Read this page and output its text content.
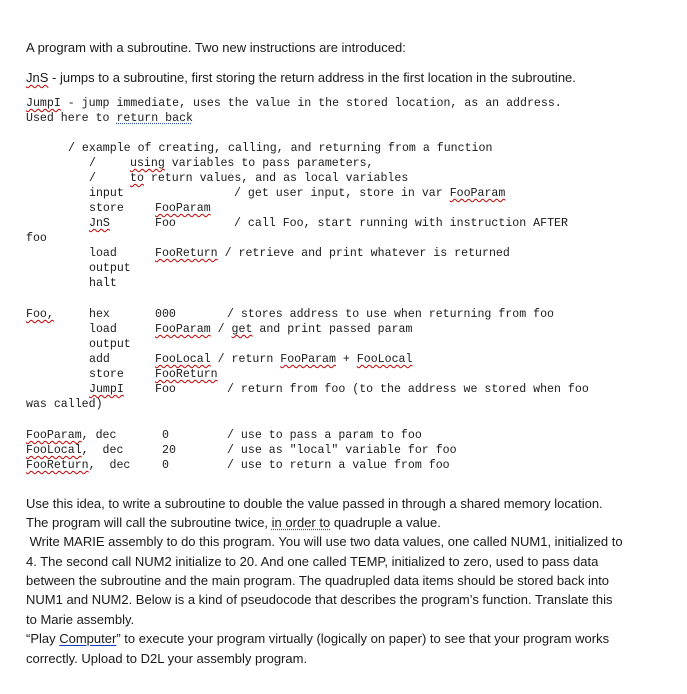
A program with a subroutine. Two new instructions are introduced:
JnS - jumps to a subroutine, first storing the return address in the first location in the subroutine.
JumpI - jump immediate, uses the value in the stored location, as an address.
Used here to return back
/ example of creating, calling, and returning from a function
/	using variables to pass parameters,
/	to return values, and as local variables
input	/ get user input, store in var FooParam
store	FooParam
JnS	Foo	/ call Foo, start running with instruction AFTER
foo
load	FooReturn / retrieve and print whatever is returned
output
halt
Foo,	hex	000	/ stores address to use when returning from foo
load	FooParam / get and print passed param
output
add	FooLocal / return FooParam + FooLocal
store	FooReturn
JumpI	Foo	/ return from foo (to the address we stored when foo
was called)
FooParam, dec	0	/ use to pass a param to foo
FooLocal,  dec	20	/ use as "local" variable for foo
FooReturn,  dec	0	/ use to return a value from foo
Use this idea, to write a subroutine to double the value passed in through a shared memory location.
The program will call the subroutine twice, in order to quadruple a value.
Write MARIE assembly to do this program. You will use two data values, one called NUM1, initialized to
4. The second call NUM2 initialize to 20. And one called TEMP, initialized to zero, used to pass data
between the subroutine and the main program. The quadrupled data items should be stored back into
NUM1 and NUM2. Below is a kind of pseudocode that describes the program’s function. Translate this
to Marie assembly.
“Play Computer” to execute your program virtually (logically on paper) to see that your program works
correctly. Upload to D2L your assembly program.
